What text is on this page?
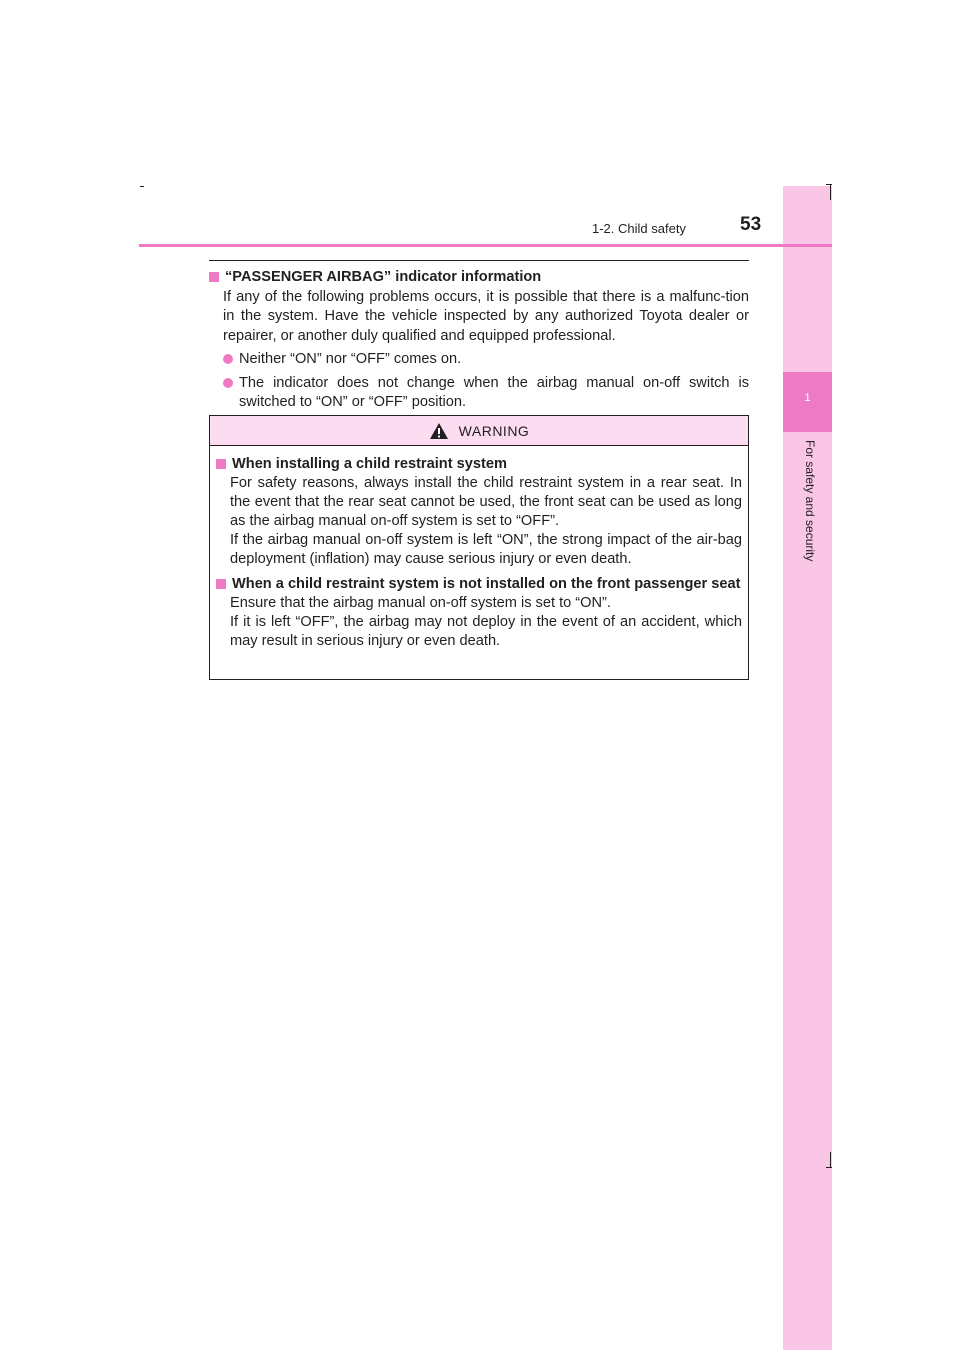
1
For safety and security
1-2. Child safety	53
“PASSENGER AIRBAG” indicator information
If any of the following problems occurs, it is possible that there is a malfunc-tion in the system. Have the vehicle inspected by any authorized Toyota dealer or repairer, or another duly qualified and equipped professional.
Neither “ON” nor “OFF” comes on.
The indicator does not change when the airbag manual on-off switch is switched to “ON” or “OFF” position.
WARNING
When installing a child restraint system
For safety reasons, always install the child restraint system in a rear seat. In the event that the rear seat cannot be used, the front seat can be used as long as the airbag manual on-off system is set to “OFF”.
If the airbag manual on-off system is left “ON”, the strong impact of the air-bag deployment (inflation) may cause serious injury or even death.
When a child restraint system is not installed on the front passenger seat
Ensure that the airbag manual on-off system is set to “ON”.
If it is left “OFF”, the airbag may not deploy in the event of an accident, which may result in serious injury or even death.
